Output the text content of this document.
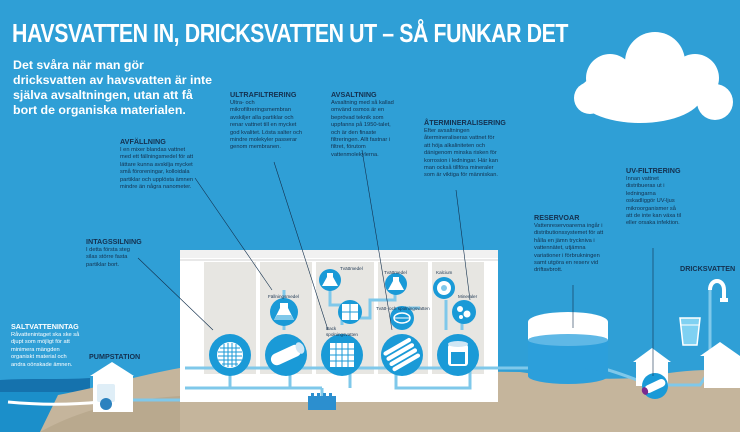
HAVSVATTEN IN, DRICKSVATTEN UT – SÅ FUNKAR DET
Det svåra när man gör dricksvatten av havsvatten är inte själva avsaltningen, utan att få bort de organiska materialen.
SALTVATTENINTAG
Råvattenintaget ska ske så djupt som möjligt för att minimera mängden organiskt material och andra oönskade ämnen.
INTAGSSILNING
I detta första steg silas större fasta partiklar bort.
PUMPSTATION
AVFÄLLNING
I en mixer blandas vattnet med ett fällningsmedel för att lättare kunna avskilja mycket små föroreningar, kolloidala partiklar och upplösta ämnen mindre än några nanometer.
ULTRAFILTRERING
Ultra- och mikrofiltreringsmembran avskiljer alla partiklar och renar vattnet till en mycket god kvalitet. Lösta salter och mindre molekyler passerar genom membranen.
AVSALTNING
Avsaltning med så kallad omvänd osmos är en beprövad teknik som uppfanns på 1950-talet, och är den finaste filtreringen. Allt fastnar i filtret, förutom vattenmolekylerna.
ÅTERMINERALISERING
Efter avsaltningen återmineraliseras vattnet för att höja alkaliniteten och dänigenom minska risken för korrosion i ledningar. Här kan man också tillföra mineraler som är viktiga för människan.
RESERVOAR
Vattenreservoarerna ingår i distributionssystemet för att hålla en jämn tryckniva i vattennätet, utjämna variationer i förbrukningen samt utgöra en reserv vid driftavbrott.
UV-FILTRERING
Innan vattnet distribueras ut i ledningarna oskadliggör UV-ljus mikroorganismer så att de inte kan växa til eller orsaka infektion.
DRICKSVATTEN
Fällningsmedel
Tvättmedel
Tvättmedel
Back
spolningsvatten
Tvätt- och spolningsvatten
Kalcium
Mineraler
